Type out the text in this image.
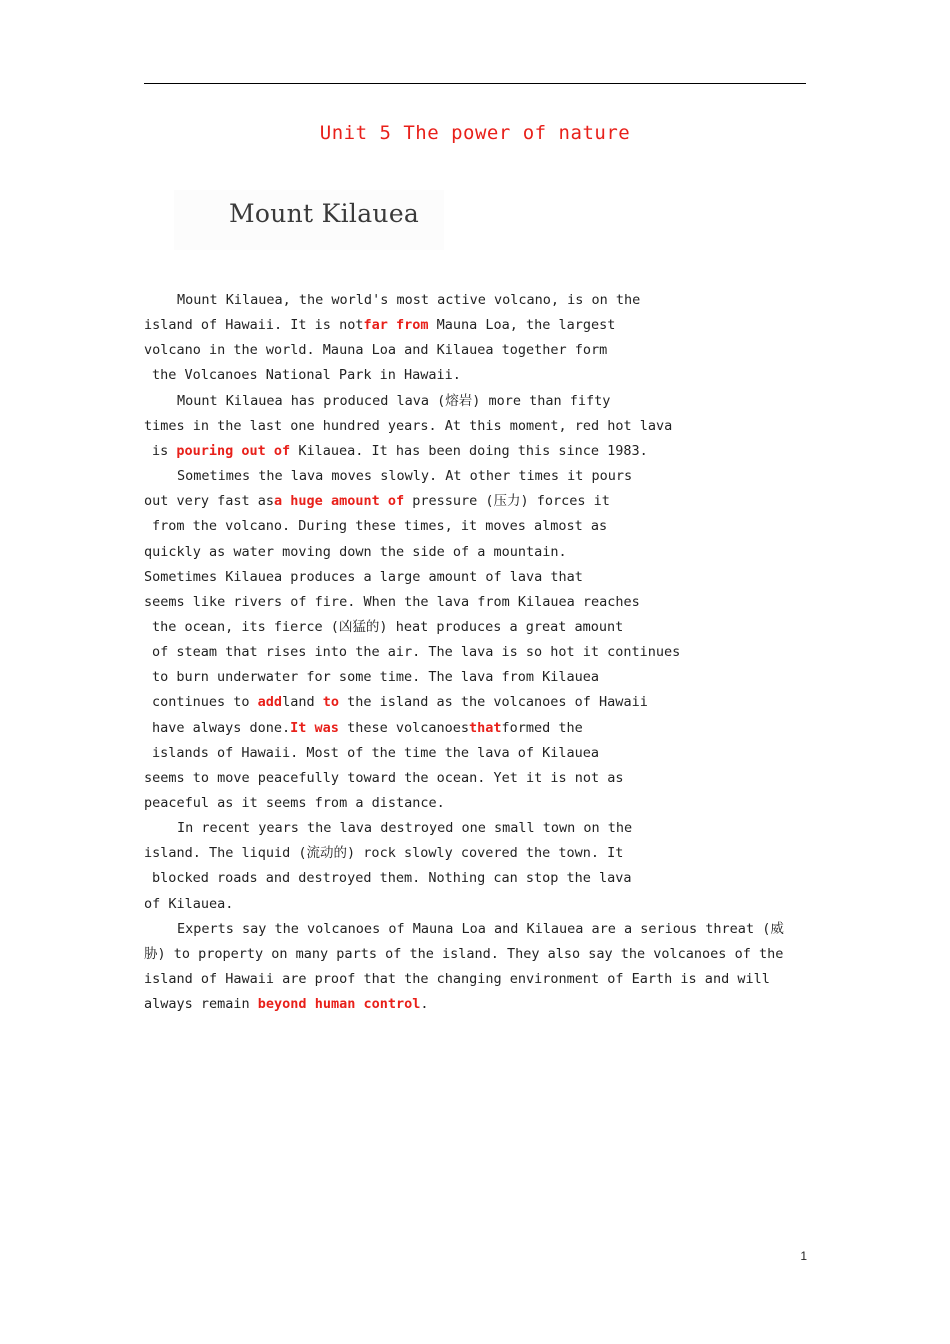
Unit 5 The power of nature
Mount Kilauea
Mount Kilauea, the world's most active volcano, is on the
island of Hawaii. It is notfar from Mauna Loa, the largest
volcano in the world. Mauna Loa and Kilauea together form
the Volcanoes National Park in Hawaii.
Mount Kilauea has produced lava (熔岩) more than fifty
times in the last one hundred years. At this moment, red hot lava
is pouring out of Kilauea. It has been doing this since 1983.
Sometimes the lava moves slowly. At other times it pours
out very fast asa huge amount of pressure (压力) forces it
from the volcano. During these times, it moves almost as
quickly as water moving down the side of a mountain.
Sometimes Kilauea produces a large amount of lava that
seems like rivers of fire. When the lava from Kilauea reaches
the ocean, its fierce (凶猛的) heat produces a great amount
of steam that rises into the air. The lava is so hot it continues
to burn underwater for some time. The lava from Kilauea
continues to addland to the island as the volcanoes of Hawaii
have always done.It was these volcanoesthatformed the
islands of Hawaii. Most of the time the lava of Kilauea
seems to move peacefully toward the ocean. Yet it is not as
peaceful as it seems from a distance.
In recent years the lava destroyed one small town on the
island. The liquid (流动的) rock slowly covered the town. It
blocked roads and destroyed them. Nothing can stop the lava
of Kilauea.
Experts say the volcanoes of Mauna Loa and Kilauea are a serious threat (威
胁) to property on many parts of the island. They also say the volcanoes of the
island of Hawaii are proof that the changing environment of Earth is and will
always remain beyond human control.
1
